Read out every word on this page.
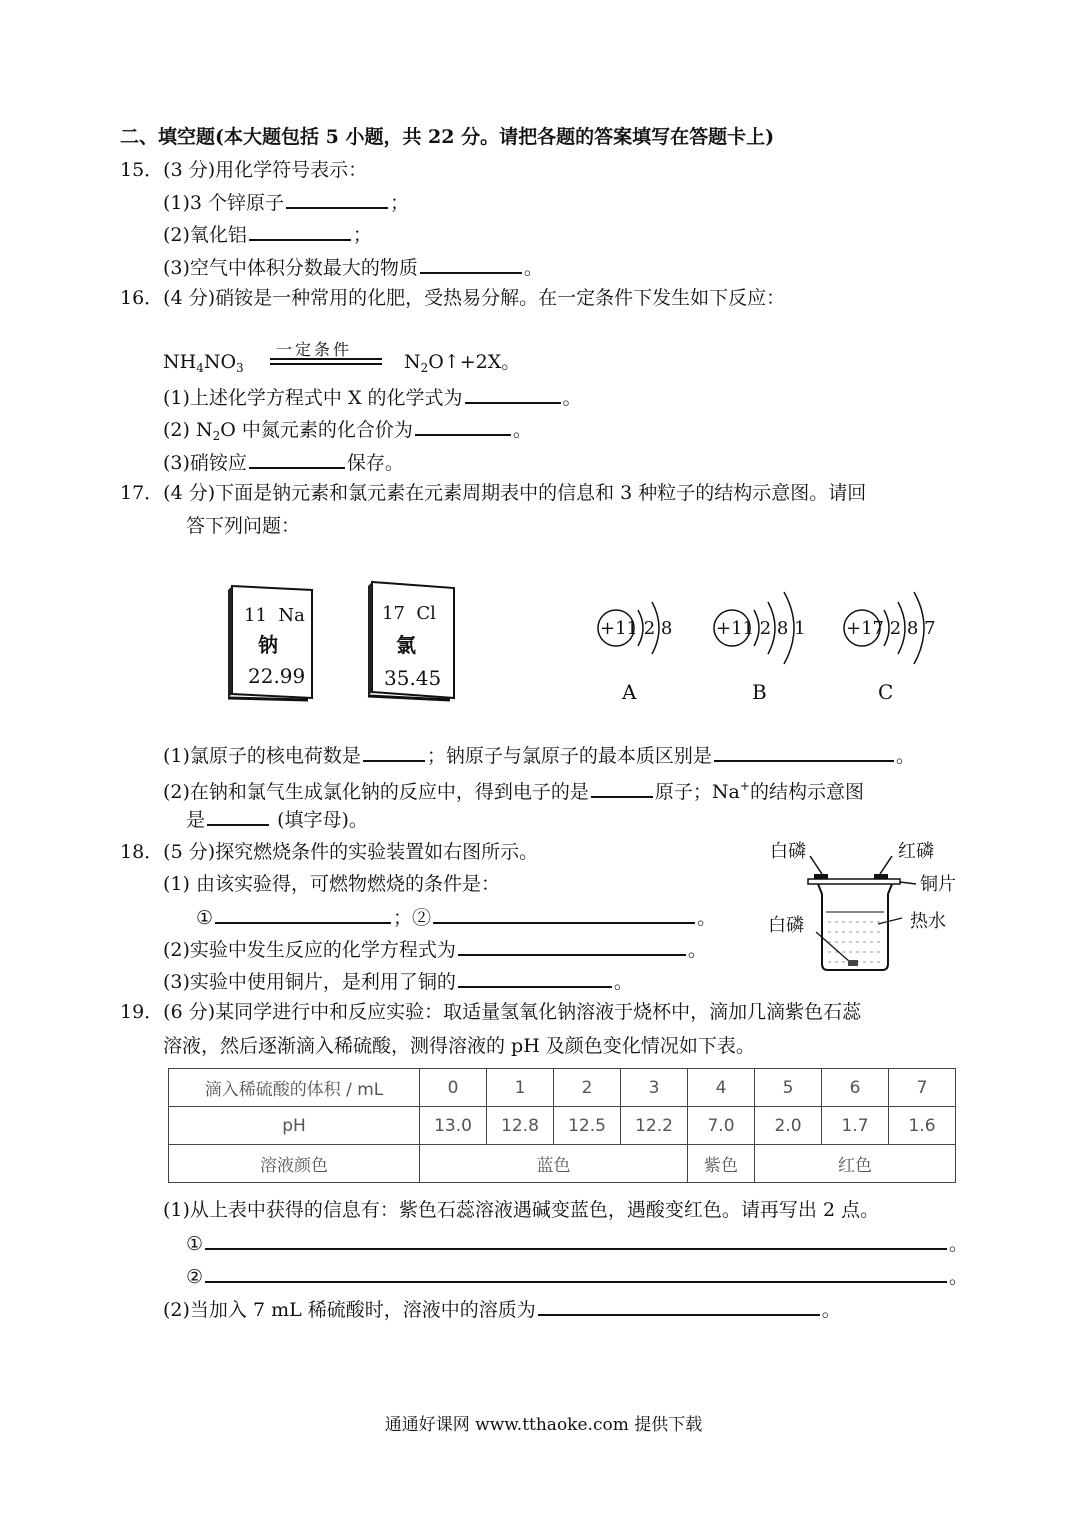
二、填空题(本大题包括 5 小题，共 22 分。请把各题的答案填写在答题卡上)
15．(3 分)用化学符号表示：
(1)3 个锌原子	；
(2)氧化铝	；
(3)空气中体积分数最大的物质	。
16．(4 分)硝铵是一种常用的化肥，受热易分解。在一定条件下发生如下反应：
$NH_4NO_3$
一定条件
$N_2O↑+2X$。
(1)上述化学方程式中 X 的化学式为	。
(2) $N_2O$ 中氮元素的化合价为	。
(3)硝铵应	保存。
17．(4 分)下面是钠元素和氯元素在元素周期表中的信息和 3 种粒子的结构示意图。请回
答下列问题：
11 Na
钠
22.99
17 Cl
氯
35.45
+11 2 8
A
+11 2 8 1
B
+17 2 8 7
C
(1)氯原子的核电荷数是	；钠原子与氯原子的最本质区别是	。
(2)在钠和氯气生成氯化钠的反应中，得到电子的是	原子；Na+的结构示意图
是	(填字母)。
18．(5 分)探究燃烧条件的实验装置如右图所示。
(1) 由该实验得，可燃物燃烧的条件是：
①	；②	。
(2)实验中发生反应的化学方程式为	。
(3)实验中使用铜片，是利用了铜的	。
白磷	红磷
铜片
热水
白磷
19．(6 分)某同学进行中和反应实验：取适量氢氧化钠溶液于烧杯中，滴加几滴紫色石蕊
溶液，然后逐渐滴入稀硫酸，测得溶液的 pH 及颜色变化情况如下表。
滴入稀硫酸的体积 / mL	0	1	2	3	4	5	6	7
pH	13.0	12.8	12.5	12.2	7.0	2.0	1.7	1.6
溶液颜色	蓝色				紫色	红色		
(1)从上表中获得的信息有：紫色石蕊溶液遇碱变蓝色，遇酸变红色。请再写出 2 点。
①	。
②	。
(2)当加入 7 mL 稀硫酸时，溶液中的溶质为	。
通通好课网 www.tthaoke.com 提供下载
